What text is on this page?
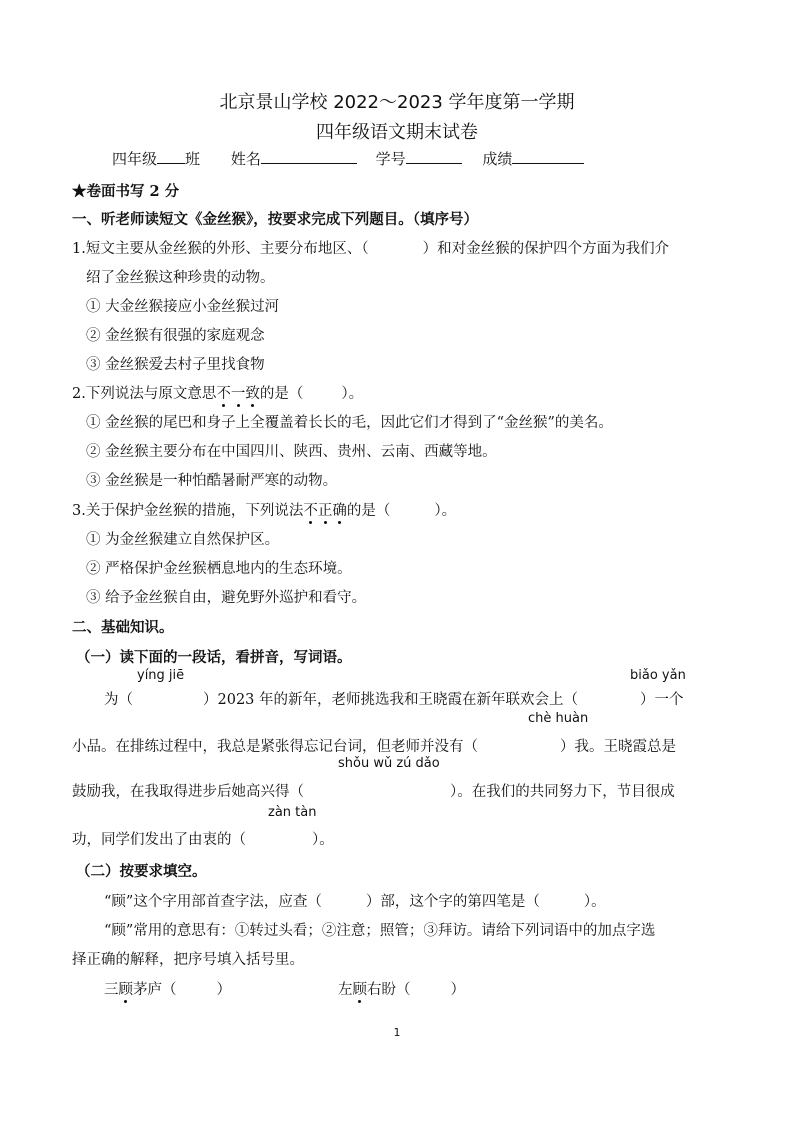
北京景山学校 2022～2023 学年度第一学期
四年级语文期末试卷
四年级 班 姓名	学号	成绩
★卷面书写 2 分
一、听老师读短文《金丝猴》，按要求完成下列题目。（填序号）
1.短文主要从金丝猴的外形、主要分布地区、（	）和对金丝猴的保护四个方面为我们介
绍了金丝猴这种珍贵的动物。
① 大金丝猴接应小金丝猴过河
② 金丝猴有很强的家庭观念
③ 金丝猴爱去村子里找食物
2.下列说法与原文意思不一致的是（	）。
① 金丝猴的尾巴和身子上全覆盖着长长的毛，因此它们才得到了“金丝猴”的美名。
② 金丝猴主要分布在中国四川、陕西、贵州、云南、西藏等地。
③ 金丝猴是一种怕酷暑耐严寒的动物。
3.关于保护金丝猴的措施，下列说法不正确的是（	）。
① 为金丝猴建立自然保护区。
② 严格保护金丝猴栖息地内的生态环境。
③ 给予金丝猴自由，避免野外巡护和看守。
二、基础知识。
（一）读下面的一段话，看拼音，写词语。
yíng jiē	biǎo yǎn
为（	）2023 年的新年，老师挑选我和王晓霞在新年联欢会上（	）一个
chè huàn
小品。在排练过程中，我总是紧张得忘记台词，但老师并没有（	）我。王晓霞总是
shǒu wǔ zú dǎo
鼓励我，在我取得进步后她高兴得（	）。在我们的共同努力下，节目很成
zàn tàn
功，同学们发出了由衷的（	）。
（二）按要求填空。
“顾”这个字用部首查字法，应查（	）部，这个字的第四笔是（	）。
“顾”常用的意思有：①转过头看；②注意；照管；③拜访。请给下列词语中的加点字选
择正确的解释，把序号填入括号里。
三顾茅庐（	）	左顾右盼（	）
1
